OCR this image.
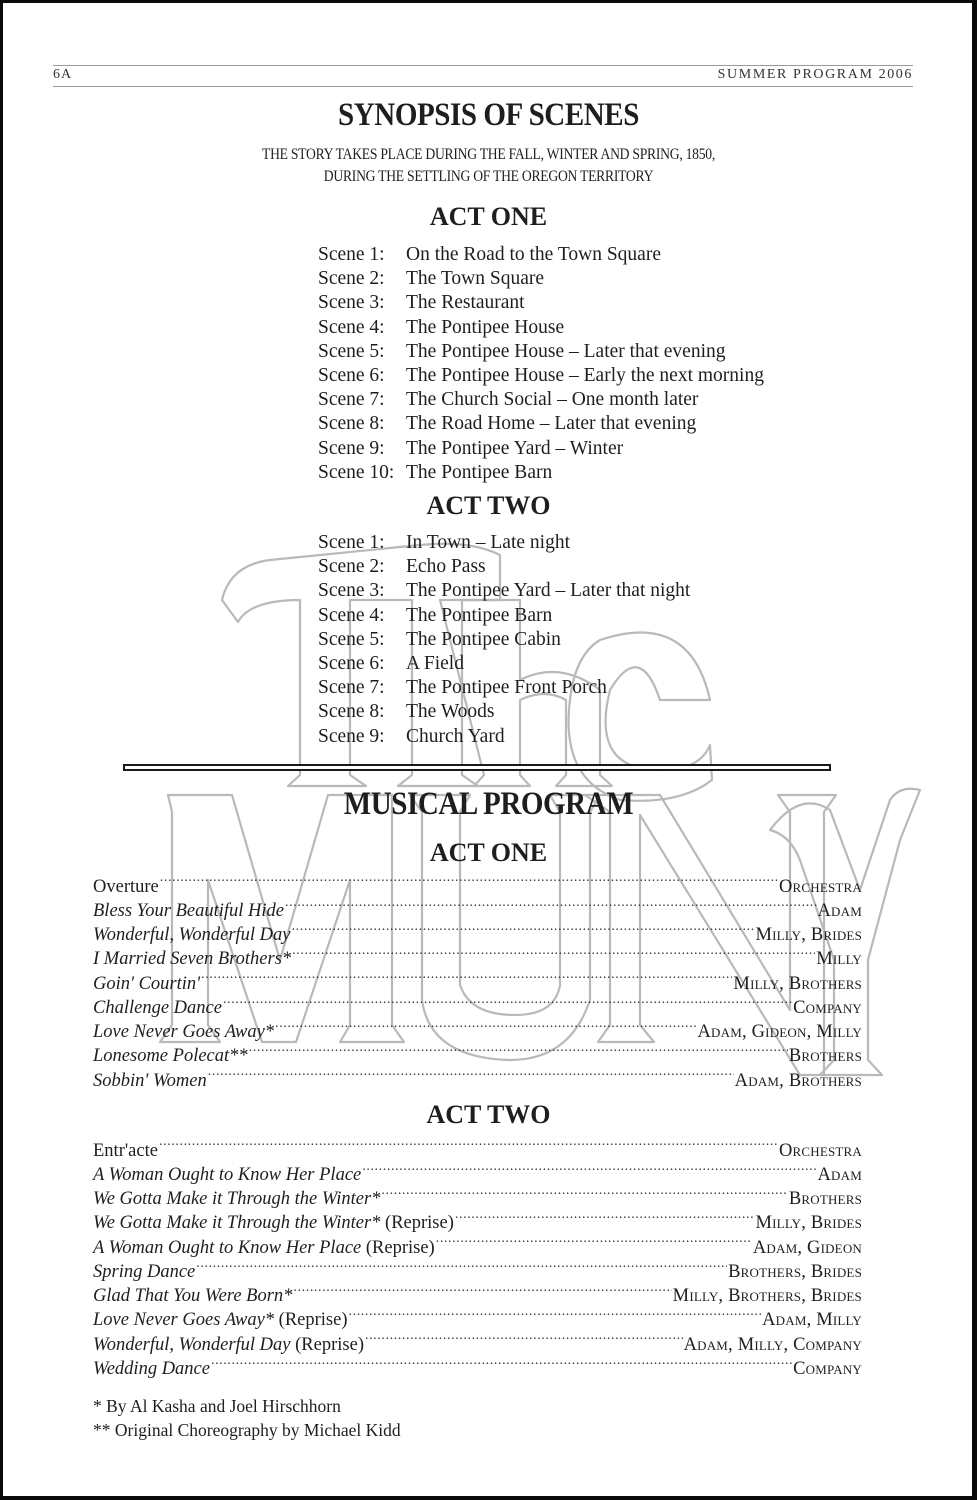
6A	SUMMER PROGRAM 2006
SYNOPSIS OF SCENES
THE STORY TAKES PLACE DURING THE FALL, WINTER AND SPRING, 1850,
DURING THE SETTLING OF THE OREGON TERRITORY
ACT ONE
Scene 1: On the Road to the Town Square
Scene 2: The Town Square
Scene 3: The Restaurant
Scene 4: The Pontipee House
Scene 5: The Pontipee House – Later that evening
Scene 6: The Pontipee House – Early the next morning
Scene 7: The Church Social – One month later
Scene 8: The Road Home – Later that evening
Scene 9: The Pontipee Yard – Winter
Scene 10: The Pontipee Barn
ACT TWO
Scene 1: In Town – Late night
Scene 2: Echo Pass
Scene 3: The Pontipee Yard – Later that night
Scene 4: The Pontipee Barn
Scene 5: The Pontipee Cabin
Scene 6: A Field
Scene 7: The Pontipee Front Porch
Scene 8: The Woods
Scene 9: Church Yard
MUSICAL PROGRAM
ACT ONE
Overture .....	Orchestra
Bless Your Beautiful Hide .....	Adam
Wonderful, Wonderful Day .....	Milly, Brides
I Married Seven Brothers* .....	Milly
Goin' Courtin' .....	Milly, Brothers
Challenge Dance .....	Company
Love Never Goes Away* .....	Adam, Gideon, Milly
Lonesome Polecat** .....	Brothers
Sobbin' Women .....	Adam, Brothers
ACT TWO
Entr'acte .....	Orchestra
A Woman Ought to Know Her Place .....	Adam
We Gotta Make it Through the Winter* .....	Brothers
We Gotta Make it Through the Winter* (Reprise) .....	Milly, Brides
A Woman Ought to Know Her Place (Reprise) .....	Adam, Gideon
Spring Dance .....	Brothers, Brides
Glad That You Were Born* .....	Milly, Brothers, Brides
Love Never Goes Away* (Reprise) .....	Adam, Milly
Wonderful, Wonderful Day (Reprise) .....	Adam, Milly, Company
Wedding Dance .....	Company
* By Al Kasha and Joel Hirschhorn
** Original Choreography by Michael Kidd
